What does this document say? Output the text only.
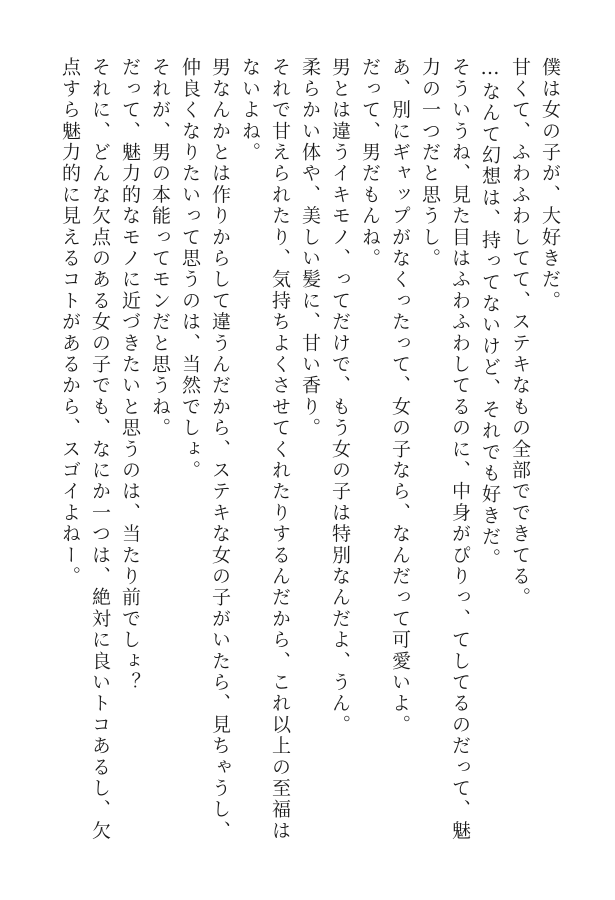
僕は女の子が、大好きだ。
甘くて、ふわふわしてて、ステキなもの全部でできてる。
…なんて幻想は、持ってないけど、それでも好きだ。
そういうね、見た目はふわふわしてるのに、中身がぴりっ、てしてるのだって、魅
力の一つだと思うし。
あ、別にギャップがなくったって、女の子なら、なんだって可愛いよ。
だって、男だもんね。
男とは違うイキモノ、ってだけで、もう女の子は特別なんだよ、うん。
柔らかい体や、美しい髪に、甘い香り。
それで甘えられたり、気持ちよくさせてくれたりするんだから、これ以上の至福は
ないよね。
男なんかとは作りからして違うんだから、ステキな女の子がいたら、見ちゃうし、
仲良くなりたいって思うのは、当然でしょ。
それが、男の本能ってモンだと思うね。
だって、魅力的なモノに近づきたいと思うのは、当たり前でしょ？
それに、どんな欠点のある女の子でも、なにか一つは、絶対に良いトコあるし、欠
点すら魅力的に見えるコトがあるから、スゴイよねー。
